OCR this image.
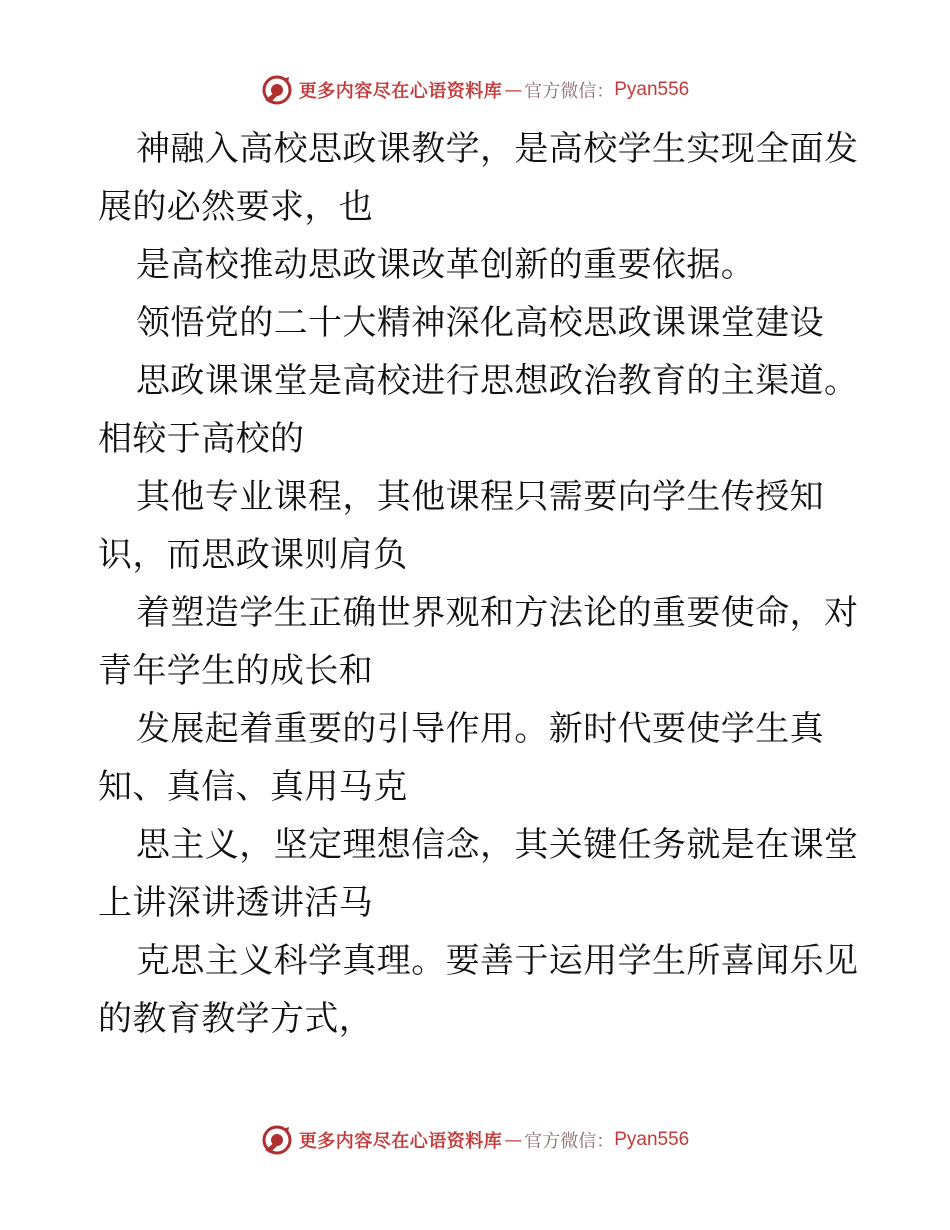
更多内容尽在心语资料库 — 官方微信： Pyan556
神融入高校思政课教学，是高校学生实现全面发
展的必然要求，也
是高校推动思政课改革创新的重要依据。
领悟党的二十大精神深化高校思政课课堂建设
思政课课堂是高校进行思想政治教育的主渠道。
相较于高校的
其他专业课程，其他课程只需要向学生传授知
识，而思政课则肩负
着塑造学生正确世界观和方法论的重要使命，对
青年学生的成长和
发展起着重要的引导作用。新时代要使学生真
知、真信、真用马克
思主义，坚定理想信念，其关键任务就是在课堂
上讲深讲透讲活马
克思主义科学真理。要善于运用学生所喜闻乐见
的教育教学方式，
更多内容尽在心语资料库 — 官方微信： Pyan556
